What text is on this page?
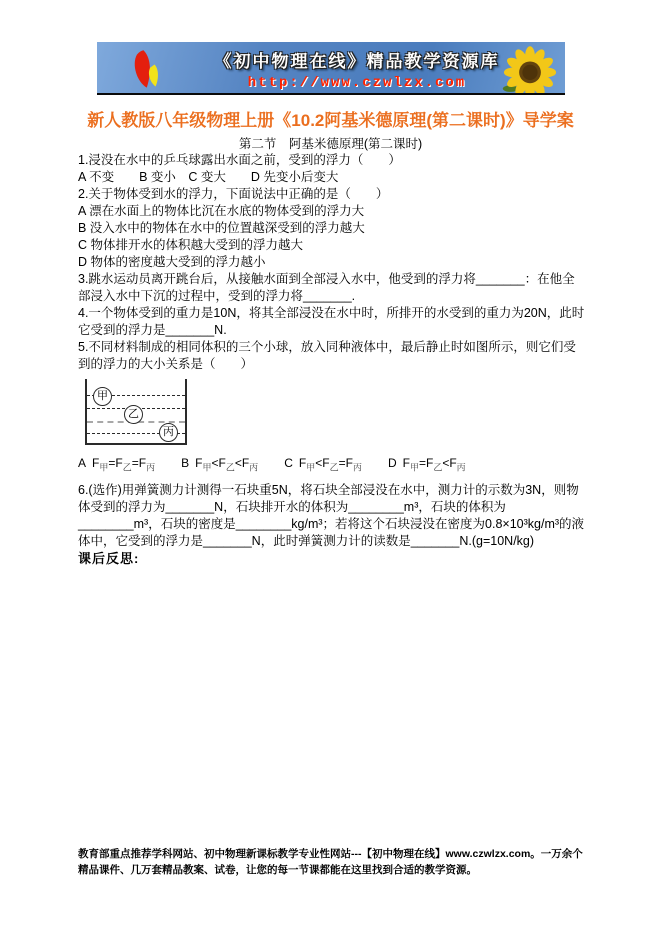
《初中物理在线》精品教学资源库
http://www.czwlzx.com
新人教版八年级物理上册《10.2阿基米德原理(第二课时)》导学案
第二节　阿基米德原理(第二课时)

1.浸没在水中的乒乓球露出水面之前，受到的浮力（　　）

A 不变　　B 变小　C 变大　　D 先变小后变大

2.关于物体受到水的浮力，下面说法中正确的是（　　）

A 漂在水面上的物体比沉在水底的物体受到的浮力大

B 没入水中的物体在水中的位置越深受到的浮力越大

C 物体排开水的体积越大受到的浮力越大

D 物体的密度越大受到的浮力越小

3.跳水运动员离开跳台后，从接触水面到全部浸入水中，他受到的浮力将_______：在他全部浸入水中下沉的过程中，受到的浮力将_______.

4.一个物体受到的重力是10N，将其全部浸没在水中时，所排开的水受到的重力为20N，此时它受到的浮力是_______N.

5.不同材料制成的相同体积的三个小球，放入同种液体中，最后静止时如图所示，则它们受到的浮力的大小关系是（　　）

甲
乙
丙
A $F_甲=F_乙=F_丙$ B $F_甲<F_乙<F_丙$ C $F_甲<F_乙=F_丙$ D $F_甲=F_乙<F_丙$

6.(选作)用弹簧测力计测得一石块重5N，将石块全部浸没在水中，测力计的示数为3N，则物体受到的浮力为_______N，石块排开水的体积为________m³，石块的体积为________m³，石块的密度是________kg/m³；若将这个石块浸没在密度为0.8×10³kg/m³的液体中，它受到的浮力是_______N，此时弹簧测力计的读数是_______N.(g=10N/kg)

课后反思:

教育部重点推荐学科网站、初中物理新课标教学专业性网站---【初中物理在线】www.czwlzx.com。一万余个精品课件、几万套精品教案、试卷，让您的每一节课都能在这里找到合适的教学资源。
